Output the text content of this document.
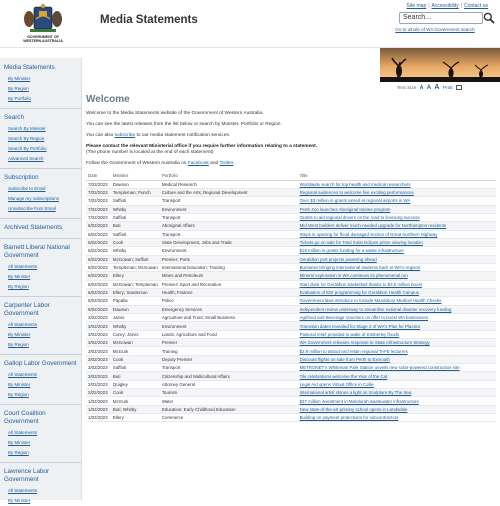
GOVERNMENT OF WESTERN AUSTRALIA
Media Statements
Site map | Accessibility | Contact us
Search...
Go to whole of WA Government search
Text Size A A A Print
Media Statements
By Minister
By Region
By Portfolio
Search
Search By Minister
Search By Region
Search By Portfolio
Advanced Search
Subscription
Subscribe to Email
Manage my subscriptions
Unsubscribe from Email
Archived Statements
Barnett Liberal National Government
All Statements
By Minister
By Region
Carpenter Labor Government
All Statements
By Minister
By Region
Gallop Labor Government
All Statements
By Minister
By Region
Court Coalition Government
All Statements
By Minister
By Region
Lawrence Labor Government
All Statements
By Minister
Welcome
Welcome to the Media Statements website of the Government of Western Australia.
You can see the latest releases from the list below or search by Minister, Portfolio or Region.
You can also subscribe to our media statement notification services.
Please contact the relevant Ministerial office if you require further information relating to a statement.
(The phone number is located at the end of each statement)
Follow the Government of Western Australia on Facebook and Twitter.
Date	Minister	Portfolio	Title
7/02/2023	Dawson	Medical Research	Worldwide search for top health and medical researchers
7/02/2023	Templeman; Punch	Culture and the Arts; Regional Development	Regional audiences to welcome five exciting performances
7/02/2023	Saffioti	Transport	Over $3 million in grants aimed at regional airports in WA
7/02/2023	Whitby	Environment	Perth Zoo launches Aboriginal trainee program
7/02/2023	Saffioti	Transport	Grants to aid regional drivers on the road to licensing success
6/02/2023	Buti	Aboriginal Affairs	Mid-West builders deliver much-needed upgrade for Northampton residents
6/02/2023	Saffioti	Transport	Steps in opening for flood damaged section of Great Northern Highway
6/02/2023	Cook	State Development, Jobs and Trade	Tickets go on sale for Total Solar Eclipse prime viewing location
6/02/2023	Whitby	Environment	$18 million in grants funding for a waste infrastructure
6/02/2023	McGowan; Saffioti	Premier; Ports	Geraldton port projects powering ahead
6/02/2023	Templeman; McGowan	International Education; Training	Bursaries bringing international students back to WA's regions
6/02/2023	Ellery	Mines and Petroleum	Mineral exploration in WA continues its phenomenal run
6/02/2023	McGowan; Templeman	Premier; Sport and Recreation	Start dunk for Geraldton basketball thanks to $3.5 million boost
6/02/2023	Ellery; Sanderson	Health; Finance	Evaluation of EDI programming for Geraldton Health Campus
5/02/2023	Papalia	Police	Government laws introduce to Include Mandatory Medical Health Checks
5/02/2023	Dawson	Emergency Services	Independent review underway to streamline national disaster recovery funding
3/02/2023	Jarvis	Agriculture and Food; Small Business	Agrifood and Beverage Vouchers on offer to boost WA businesses
3/02/2023	Whitby	Environment	Transition dates revealed for Stage 2 of WA's Plan for Plastics
3/02/2023	Carey; Jarvis	Lands; Agriculture and Food	Pastoral relief provided in wake of Kimberley floods
3/02/2023	McGowan	Premier	WA Government releases response to State Infrastructure Strategy
3/02/2023	McGurk	Training	$2.9 million to attract and retain regional TAFE lecturers
3/02/2023	Cook	Deputy Premier	Discount flights on sale from Perth to Exmouth
3/02/2023	Saffioti	Transport	METRONET's Whiteman Park Station unveils new solar-powered construction site
3/02/2023	Buti	Citizenship and Multicultural Affairs	Tiki celebrations welcome the Year of the Cat
2/02/2023	Quigley	Attorney General	Legal Aid opens Virtual Office in Collie
2/02/2023	Cook	Tourism	International artist shines a light on Sculpture By The Sea
1/02/2023	McGurk	Water	$37 million investment in Mandurah wastewater infrastructure
1/02/2023	Buti; Whitby	Education; Early Childhood Education	New state-of-the-art primary school opens in Landsdale
1/02/2023	Ellery	Commerce	Building on payment protections for subcontractors
